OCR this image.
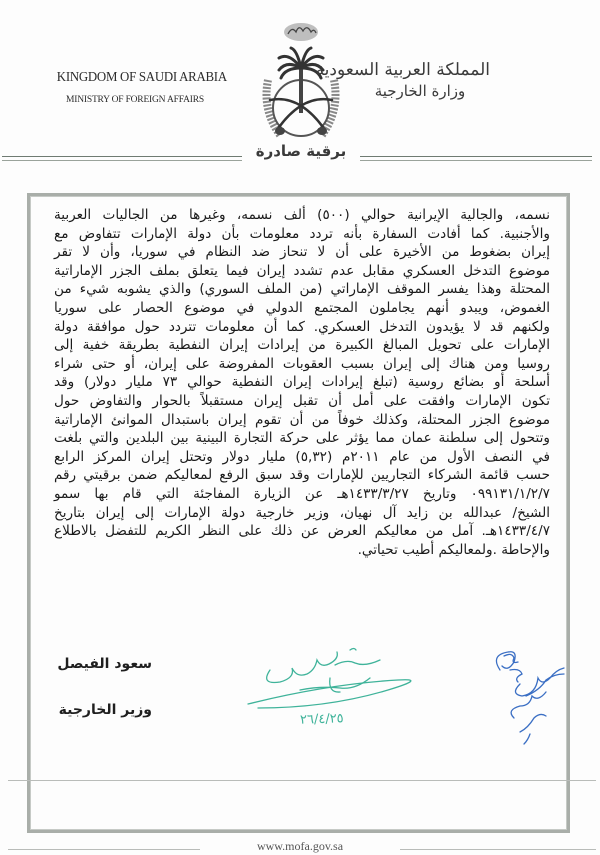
KINGDOM OF SAUDI ARABIA
MINISTRY OF FOREIGN AFFAIRS
المملكة العربية السعودية
وزارة الخارجية
برقية صادرة
نسمه، والجالية الإيرانية حوالي (٥٠٠) ألف نسمه، وغيرها من الجاليات العربية
والأجنبية. كما أفادت السفارة بأنه تردد معلومات بأن دولة الإمارات تتفاوض مع
إيران بضغوط من الأخيرة على أن لا تنحاز ضد النظام في سوريا، وأن لا تقر
موضوع التدخل العسكري مقابل عدم تشدد إيران فيما يتعلق بملف الجزر الإماراتية
المحتلة وهذا يفسر الموقف الإماراتي (من الملف السوري) والذي يشوبه شيء من
الغموض، ويبدو أنهم يجاملون المجتمع الدولي في موضوع الحصار على سوريا
ولكنهم قد لا يؤيدون التدخل العسكري. كما أن معلومات تتردد حول موافقة دولة
الإمارات على تحويل المبالغ الكبيرة من إيرادات إيران النفطية بطريقة خفية إلى
روسيا ومن هناك إلى إيران بسبب العقوبات المفروضة على إيران، أو حتى شراء
أسلحة أو بضائع روسية (تبلغ إيرادات إيران النفطية حوالي ٧٣ مليار دولار) وقد
تكون الإمارات وافقت على أمل أن تقبل إيران مستقبلاً بالحوار والتفاوض حول
موضوع الجزر المحتلة، وكذلك خوفاً من أن تقوم إيران باستبدال الموانئ الإماراتية
وتتحول إلى سلطنة عمان مما يؤثر على حركة التجارة البينية بين البلدين والتي بلغت
في النصف الأول من عام ٢٠١١م (٥,٣٢) مليار دولار وتحتل إيران المركز الرابع
حسب قائمة الشركاء التجاريين للإمارات وقد سبق الرفع لمعاليكم ضمن برقيتي رقم
٠٩٩١٣١/١/٢/٧ وتاريخ ١٤٣٣/٣/٢٧هـ عن الزيارة المفاجئة التي قام بها سمو
الشيخ/ عبدالله بن زايد آل نهيان، وزير خارجية دولة الإمارات إلى إيران بتاريخ
١٤٣٣/٤/٧هـ. آمل من معاليكم العرض عن ذلك على النظر الكريم للتفضل بالاطلاع
والإحاطة .ولمعاليكم أطيب تحياتي.
سعود الفيصل
وزير الخارجية
٢٦/٤/٢٥
www.mofa.gov.sa
